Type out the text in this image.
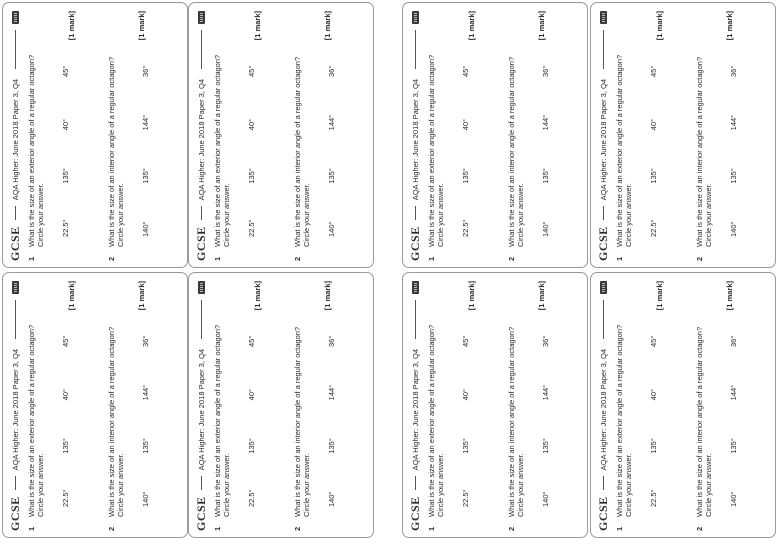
GCSE
AQA Higher: June 2018 Paper 3, Q4
1
What is the size of an exterior angle of a regular octagon? Circle your answer. 22.5°
135°
40°
45°
[1 mark]
2
What is the size of an interior angle of a regular octagon? Circle your answer. 140°
135°
144°
36°
[1 mark]
GCSE
AQA Higher: June 2018 Paper 3, Q4
1
What is the size of an exterior angle of a regular octagon? Circle your answer. 22.5°
135°
40°
45°
[1 mark]
2
What is the size of an interior angle of a regular octagon? Circle your answer. 140°
135°
144°
36°
[1 mark]
GCSE
AQA Higher: June 2018 Paper 3, Q4
1
What is the size of an exterior angle of a regular octagon? Circle your answer. 22.5°
135°
40°
45°
[1 mark]
2
What is the size of an interior angle of a regular octagon? Circle your answer. 140°
135°
144°
36°
[1 mark]
GCSE
AQA Higher: June 2018 Paper 3, Q4
1
What is the size of an exterior angle of a regular octagon? Circle your answer. 22.5°
135°
40°
45°
[1 mark]
2
What is the size of an interior angle of a regular octagon? Circle your answer. 140°
135°
144°
36°
[1 mark]
GCSE
AQA Higher: June 2018 Paper 3, Q4
1
What is the size of an exterior angle of a regular octagon? Circle your answer. 22.5°
135°
40°
45°
[1 mark]
2
What is the size of an interior angle of a regular octagon? Circle your answer. 140°
135°
144°
36°
[1 mark]
GCSE
AQA Higher: June 2018 Paper 3, Q4
1
What is the size of an exterior angle of a regular octagon? Circle your answer. 22.5°
135°
40°
45°
[1 mark]
2
What is the size of an interior angle of a regular octagon? Circle your answer. 140°
135°
144°
36°
[1 mark]
GCSE
AQA Higher: June 2018 Paper 3, Q4
1
What is the size of an exterior angle of a regular octagon? Circle your answer. 22.5°
135°
40°
45°
[1 mark]
2
What is the size of an interior angle of a regular octagon? Circle your answer. 140°
135°
144°
36°
[1 mark]
GCSE
AQA Higher: June 2018 Paper 3, Q4
1
What is the size of an exterior angle of a regular octagon? Circle your answer. 22.5°
135°
40°
45°
[1 mark]
2
What is the size of an interior angle of a regular octagon? Circle your answer. 140°
135°
144°
36°
[1 mark]
